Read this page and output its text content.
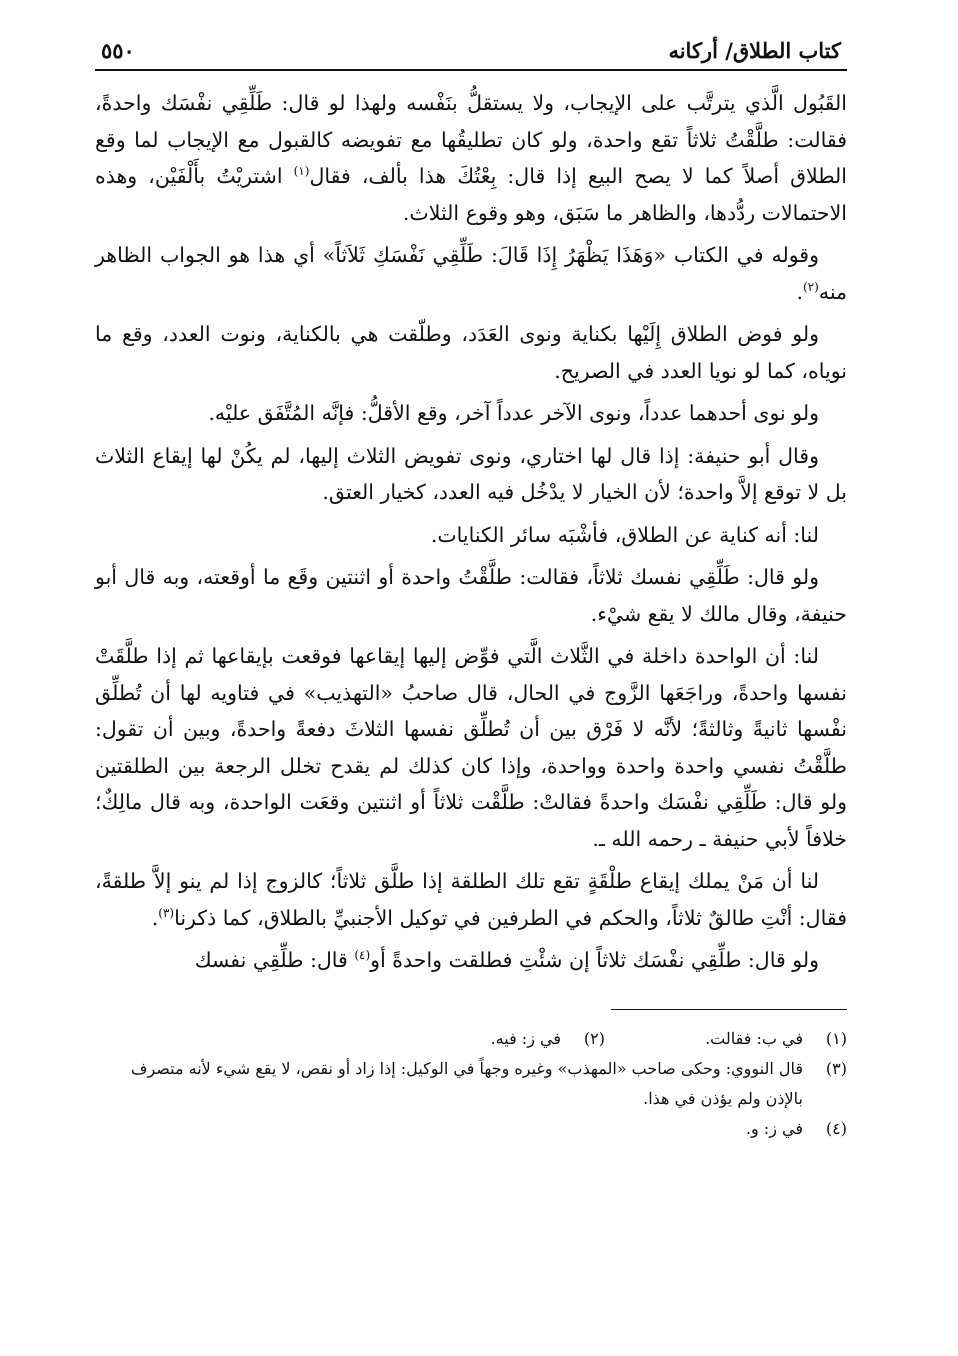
كتاب الطلاق/ أركانه
٥٥٠

القَبُول الَّذي يترتَّب على الإيجاب، ولا يستقلُّ بنَفْسه ولهذا لو قال: طَلِّقِي نفْسَك واحدةً، فقالت: طلَّقْتُ ثلاثاً تقع واحدة، ولو كان تطليقُها مع تفويضه كالقبول مع الإيجاب لما وقع الطلاق أصلاً كما لا يصح البيع إذا قال: بِعْتُكَ هذا بألف، فقال$^{(١)}$ اشتريْتُ بأَلْفَيْن، وهذه الاحتمالات ردُّدها، والظاهر ما سَبَق، وهو وقوع الثلاث.

وقوله في الكتاب «وَهَذَا يَظْهَرُ إِذَا قَالَ: طَلِّقِي نَفْسَكِ ثَلاَثاً» أي هذا هو الجواب الظاهر منه$^{(٢)}$.

ولو فوض الطلاق إِلَيْها بكناية ونوى العَدَد، وطلّقت هي بالكناية، ونوت العدد، وقع ما نوياه، كما لو نويا العدد في الصريح.

ولو نوى أحدهما عدداً، ونوى الآخر عدداً آخر، وقع الأقلُّ: فإنَّه المُتَّفَق عليْه.

وقال أبو حنيفة: إذا قال لها اختاري، ونوى تفويض الثلاث إليها، لم يكُنْ لها إيقاع الثلاث بل لا توقع إلاَّ واحدة؛ لأن الخيار لا يدْخُل فيه العدد، كخيار العتق.

لنا: أنه كناية عن الطلاق، فأشْبَه سائر الكنايات.

ولو قال: طَلِّقِي نفسك ثلاثاً، فقالت: طلَّقْتُ واحدة أو اثنتين وقَع ما أوقعته، وبه قال أبو حنيفة، وقال مالك لا يقع شيْء.

لنا: أن الواحدة داخلة في الثَّلاث الَّتي فوِّض إليها إيقاعها فوقعت بإيقاعها ثم إذا طلَّقَتْ نفسها واحدةً، وراجَعَها الزَّوج في الحال، قال صاحبُ «التهذيب» في فتاويه لها أن تُطلِّق نفْسها ثانيةً وثالثةً؛ لأنَّه لا فَرْق بين أن تُطلِّق نفسها الثلاثَ دفعةً واحدةً، وبين أن تقول: طلَّقْتُ نفسي واحدة واحدة وواحدة، وإذا كان كذلك لم يقدح تخلل الرجعة بين الطلقتين ولو قال: طَلِّقِي نفْسَك واحدةً فقالتْ: طلَّقْت ثلاثاً أو اثنتين وقعَت الواحدة، وبه قال مالِكٌ؛ خلافاً لأبي حنيفة ـ رحمه الله ـ.

لنا أن مَنْ يملك إيقاع طلْقَةٍ تقع تلك الطلقة إذا طلَّق ثلاثاً؛ كالزوج إذا لم ينو إلاَّ طلقةً، فقال: أنْتِ طالقٌ ثلاثاً، والحكم في الطرفين في توكيل الأجنبيِّ بالطلاق، كما ذكرنا$^{(٣)}$.

ولو قال: طلِّقِي نفْسَك ثلاثاً إن شئْتِ فطلقت واحدةً أو$^{(٤)}$ قال: طلِّقِي نفسك

(١)
في ب: فقالت.
(٢)
في ز: فيه.
(٣)
قال النووي: وحكى صاحب «المهذب» وغيره وجهاً في الوكيل: إذا زاد أو نقص، لا يقع شيء لأنه متصرف بالإذن ولم يؤذن في هذا.
(٤)
في ز: و.
